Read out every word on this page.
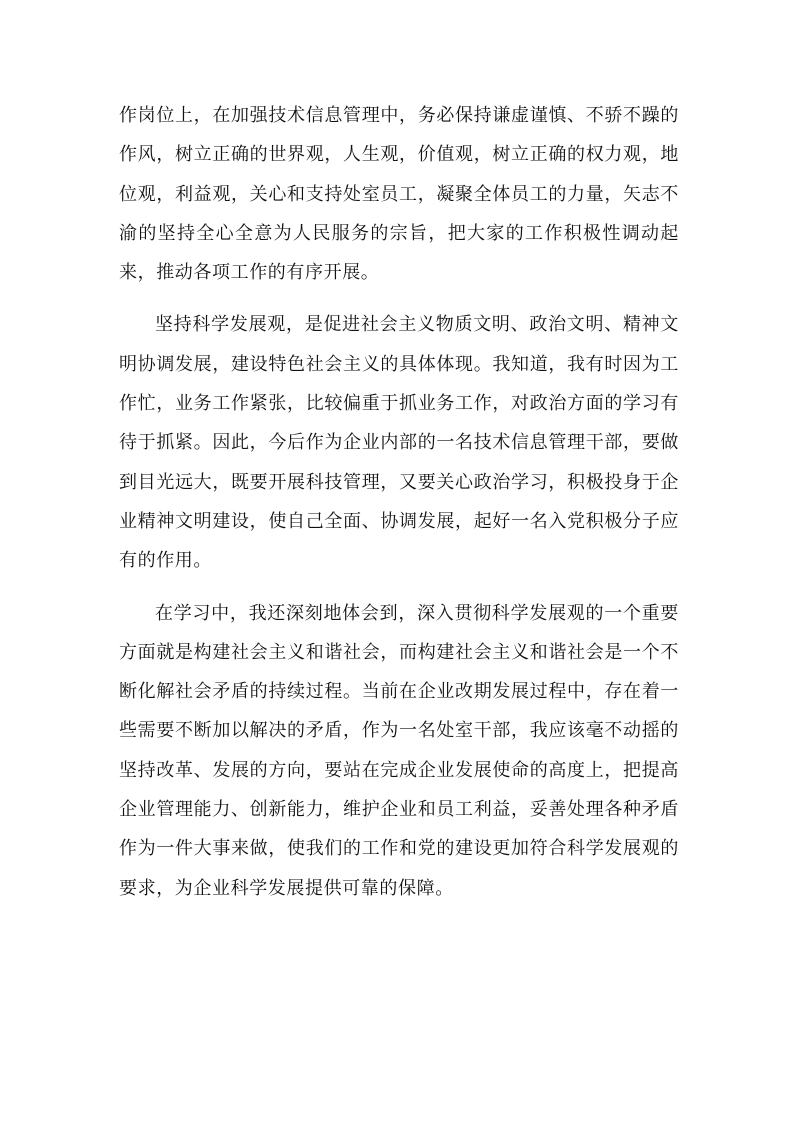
作岗位上，在加强技术信息管理中，务必保持谦虚谨慎、不骄不躁的作风，树立正确的世界观，人生观，价值观，树立正确的权力观，地位观，利益观，关心和支持处室员工，凝聚全体员工的力量，矢志不渝的坚持全心全意为人民服务的宗旨，把大家的工作积极性调动起来，推动各项工作的有序开展。

坚持科学发展观，是促进社会主义物质文明、政治文明、精神文明协调发展，建设特色社会主义的具体体现。我知道，我有时因为工作忙，业务工作紧张，比较偏重于抓业务工作，对政治方面的学习有待于抓紧。因此，今后作为企业内部的一名技术信息管理干部，要做到目光远大，既要开展科技管理，又要关心政治学习，积极投身于企业精神文明建设，使自己全面、协调发展，起好一名入党积极分子应有的作用。

在学习中，我还深刻地体会到，深入贯彻科学发展观的一个重要方面就是构建社会主义和谐社会，而构建社会主义和谐社会是一个不断化解社会矛盾的持续过程。当前在企业改期发展过程中，存在着一些需要不断加以解决的矛盾，作为一名处室干部，我应该毫不动摇的坚持改革、发展的方向，要站在完成企业发展使命的高度上，把提高企业管理能力、创新能力，维护企业和员工利益，妥善处理各种矛盾作为一件大事来做，使我们的工作和党的建设更加符合科学发展观的要求，为企业科学发展提供可靠的保障。
